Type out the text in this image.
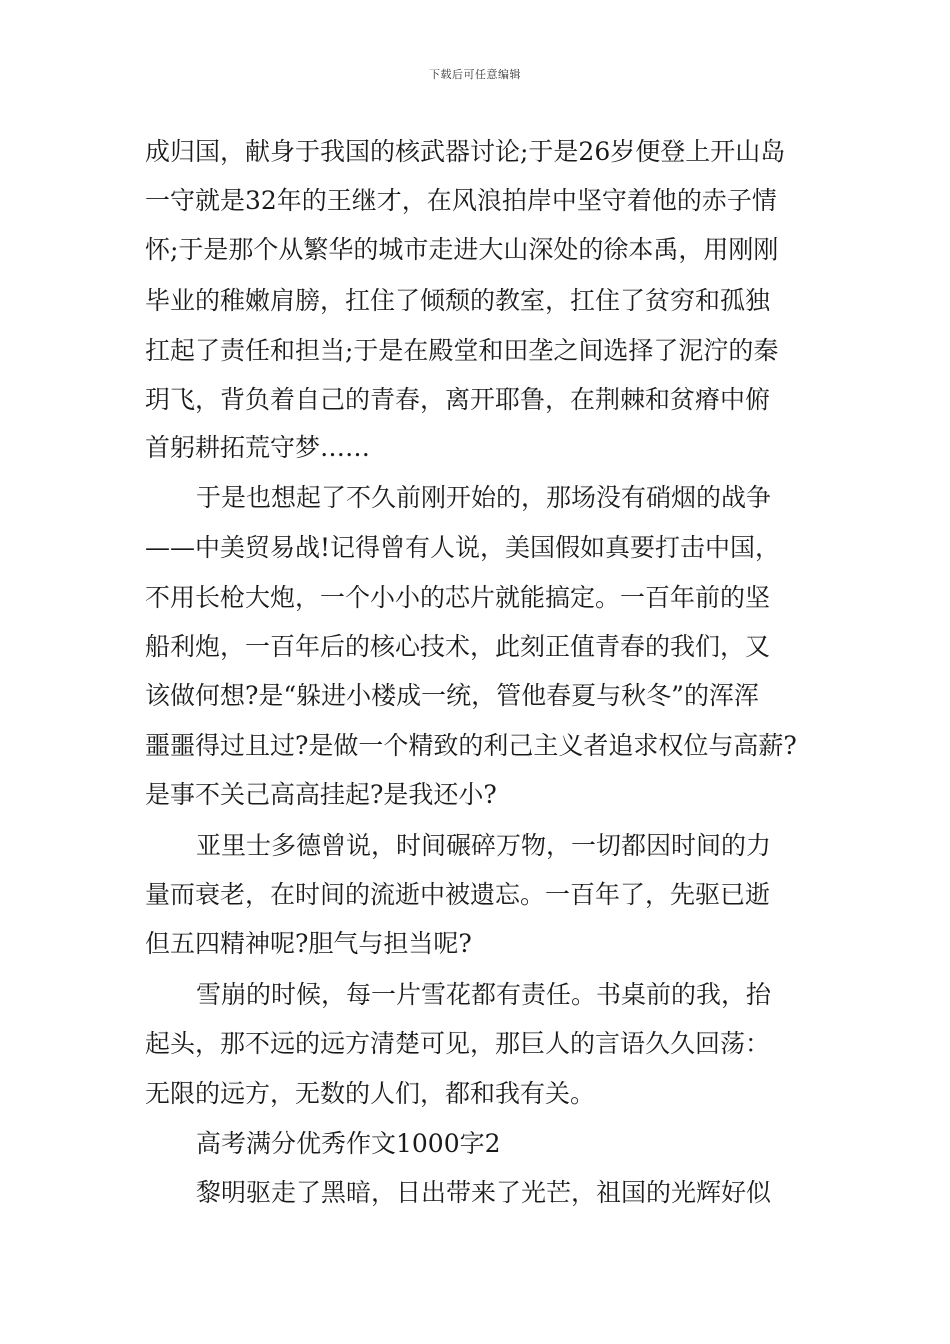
下载后可任意编辑
成归国，献身于我国的核武器讨论;于是26岁便登上开山岛
一守就是32年的王继才，在风浪拍岸中坚守着他的赤子情
怀;于是那个从繁华的城市走进大山深处的徐本禹，用刚刚
毕业的稚嫩肩膀，扛住了倾颓的教室，扛住了贫穷和孤独
扛起了责任和担当;于是在殿堂和田垄之间选择了泥泞的秦
玥飞，背负着自己的青春，离开耶鲁，在荆棘和贫瘠中俯
首躬耕拓荒守梦……
于是也想起了不久前刚开始的，那场没有硝烟的战争
——中美贸易战!记得曾有人说，美国假如真要打击中国，
不用长枪大炮，一个小小的芯片就能搞定。一百年前的坚
船利炮，一百年后的核心技术，此刻正值青春的我们，又
该做何想?是“躲进小楼成一统，管他春夏与秋冬”的浑浑
噩噩得过且过?是做一个精致的利己主义者追求权位与高薪?
是事不关己高高挂起?是我还小?
亚里士多德曾说，时间碾碎万物，一切都因时间的力
量而衰老，在时间的流逝中被遗忘。一百年了，先驱已逝
但五四精神呢?胆气与担当呢?
雪崩的时候，每一片雪花都有责任。书桌前的我，抬
起头，那不远的远方清楚可见，那巨人的言语久久回荡：
无限的远方，无数的人们，都和我有关。
高考满分优秀作文1000字2
黎明驱走了黑暗，日出带来了光芒，祖国的光辉好似
